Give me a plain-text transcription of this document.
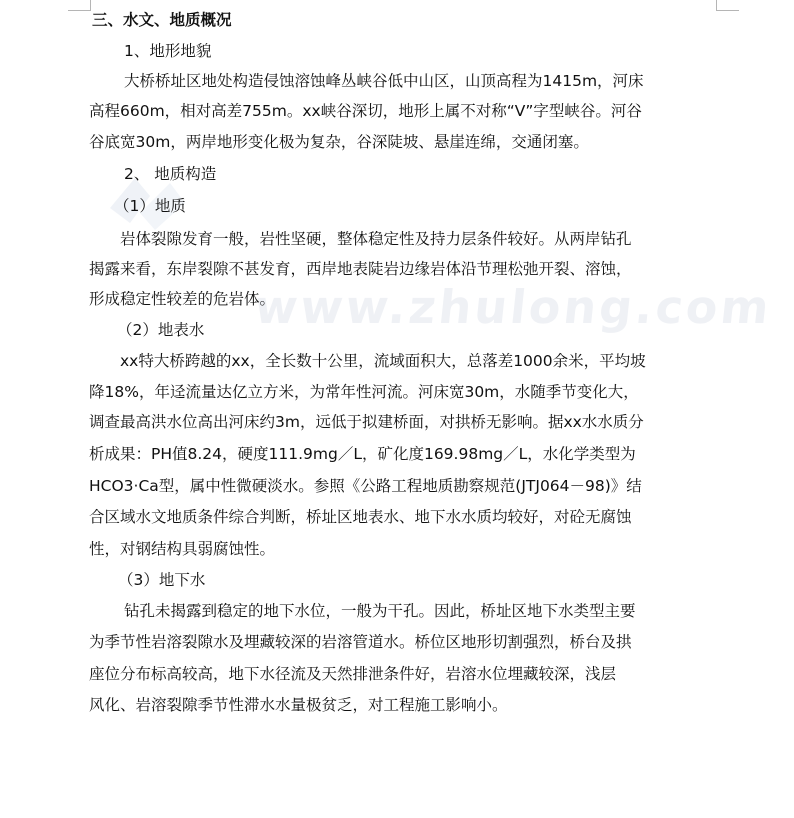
www.zhulong.com
三、水文、地质概况
1、地形地貌
大桥桥址区地处构造侵蚀溶蚀峰丛峡谷低中山区，山顶高程为1415m，河床
高程660m，相对高差755m。xx峡谷深切，地形上属不对称“V”字型峡谷。河谷
谷底宽30m，两岸地形变化极为复杂，谷深陡坡、悬崖连绵，交通闭塞。
2、 地质构造
（1）地质
岩体裂隙发育一般，岩性坚硬，整体稳定性及持力层条件较好。从两岸钻孔
揭露来看，东岸裂隙不甚发育，西岸地表陡岩边缘岩体沿节理松弛开裂、溶蚀，
形成稳定性较差的危岩体。
（2）地表水
xx特大桥跨越的xx，全长数十公里，流域面积大，总落差1000余米，平均坡
降18%，年迳流量达亿立方米，为常年性河流。河床宽30m，水随季节变化大，
调查最高洪水位高出河床约3m，远低于拟建桥面，对拱桥无影响。据xx水水质分
析成果：PH值8.24，硬度111.9mg／L，矿化度169.98mg／L，水化学类型为
HCO3·Ca型，属中性微硬淡水。参照《公路工程地质勘察规范(JTJ064－98)》结
合区域水文地质条件综合判断，桥址区地表水、地下水水质均较好，对砼无腐蚀
性，对钢结构具弱腐蚀性。
（3）地下水
钻孔未揭露到稳定的地下水位，一般为干孔。因此，桥址区地下水类型主要
为季节性岩溶裂隙水及埋藏较深的岩溶管道水。桥位区地形切割强烈，桥台及拱
座位分布标高较高，地下水径流及天然排泄条件好，岩溶水位埋藏较深，浅层
风化、岩溶裂隙季节性滞水水量极贫乏，对工程施工影响小。
